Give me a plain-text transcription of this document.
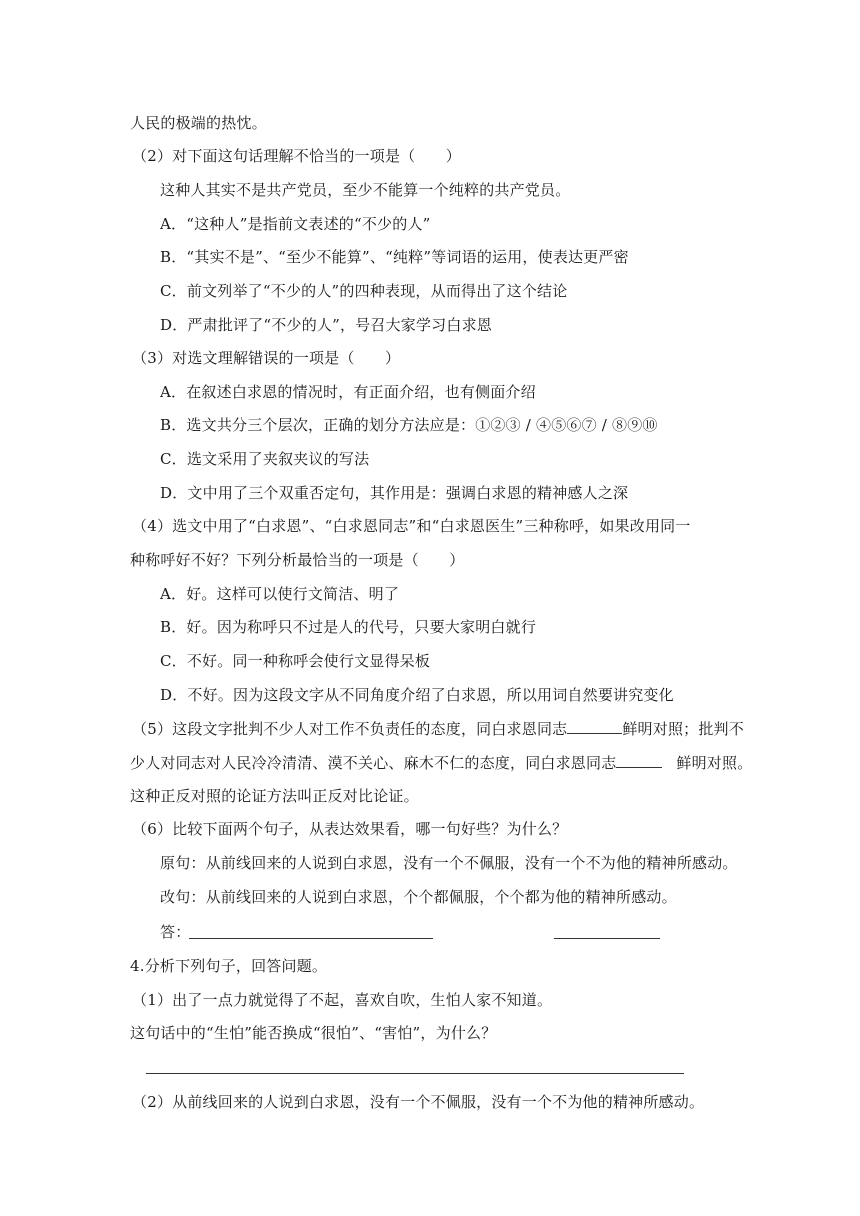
人民的极端的热忱。
（2）对下面这句话理解不恰当的一项是（　　）
这种人其实不是共产党员，至少不能算一个纯粹的共产党员。
A．“这种人”是指前文表述的“不少的人”
B．“其实不是”、“至少不能算”、“纯粹”等词语的运用，使表达更严密
C．前文列举了“不少的人”的四种表现，从而得出了这个结论
D．严肃批评了“不少的人”，号召大家学习白求恩
（3）对选文理解错误的一项是（　　）
A．在叙述白求恩的情况时，有正面介绍，也有侧面介绍
B．选文共分三个层次，正确的划分方法应是：①②③ / ④⑤⑥⑦ / ⑧⑨⑩
C．选文采用了夹叙夹议的写法
D．文中用了三个双重否定句，其作用是：强调白求恩的精神感人之深
（4）选文中用了“白求恩”、“白求恩同志”和“白求恩医生”三种称呼，如果改用同一
种称呼好不好？下列分析最恰当的一项是（　　）
A．好。这样可以使行文简洁、明了
B．好。因为称呼只不过是人的代号，只要大家明白就行
C．不好。同一种称呼会使行文显得呆板
D．不好。因为这段文字从不同角度介绍了白求恩，所以用词自然要讲究变化
（5）这段文字批判不少人对工作不负责任的态度，同白求恩同志	鲜明对照；批判不
少人对同志对人民冷冷清清、漠不关心、麻木不仁的态度，同白求恩同志	鲜明对照。
这种正反对照的论证方法叫正反对比论证。
（6）比较下面两个句子，从表达效果看，哪一句好些？为什么？
原句：从前线回来的人说到白求恩，没有一个不佩服，没有一个不为他的精神所感动。
改句：从前线回来的人说到白求恩，个个都佩服，个个都为他的精神所感动。
答：
4.分析下列句子，回答问题。
（1）出了一点力就觉得了不起，喜欢自吹，生怕人家不知道。
这句话中的“生怕”能否换成“很怕”、“害怕”，为什么？
（2）从前线回来的人说到白求恩，没有一个不佩服，没有一个不为他的精神所感动。
